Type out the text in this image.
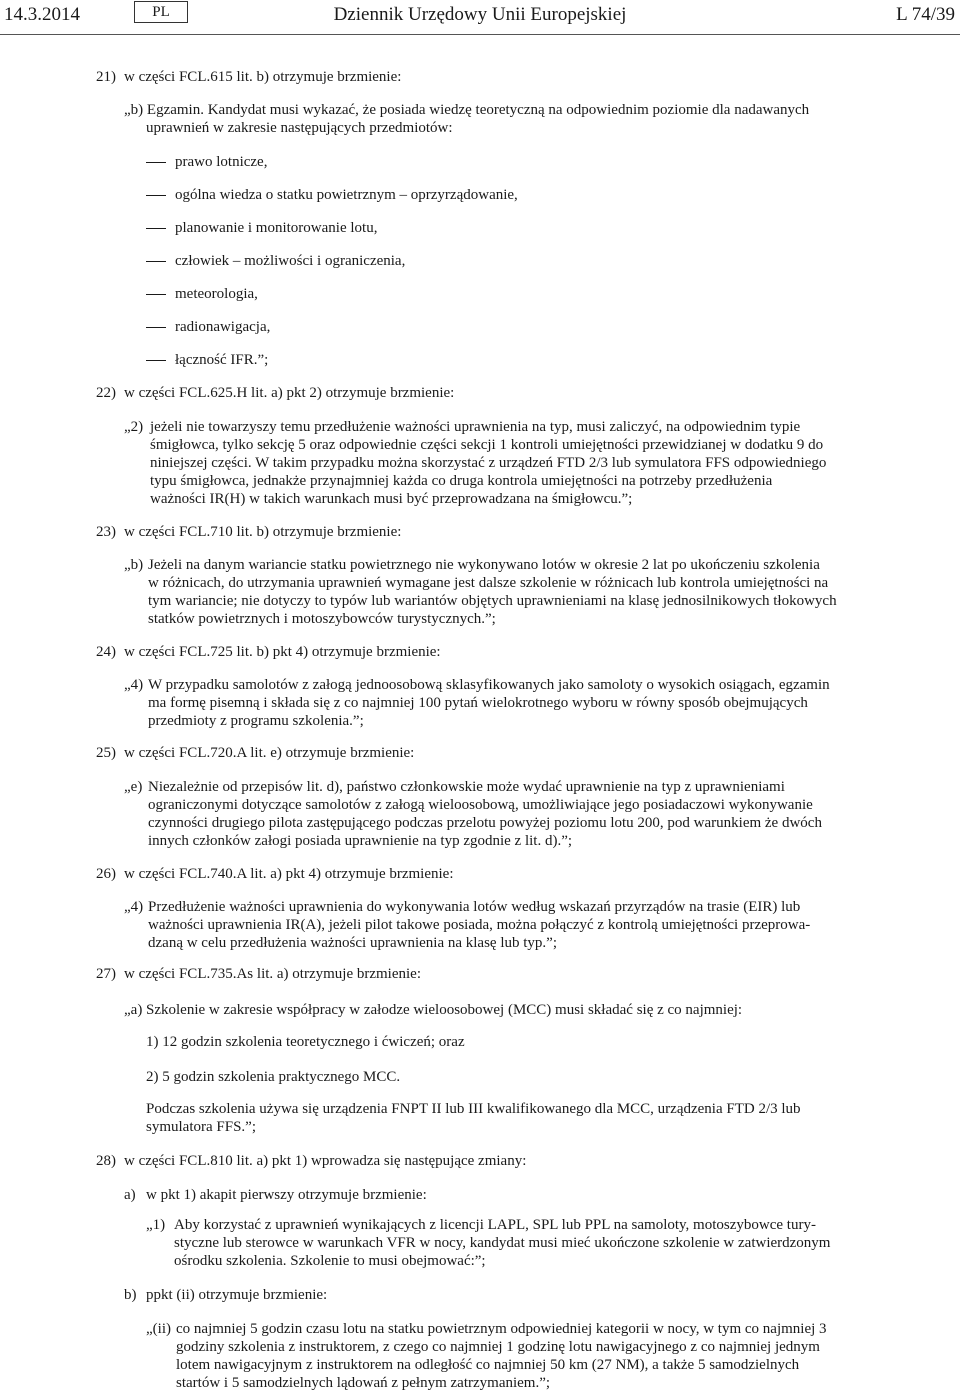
14.3.2014	PL	Dziennik Urzędowy Unii Europejskiej	L 74/39
21) w części FCL.615 lit. b) otrzymuje brzmienie:
„b) Egzamin. Kandydat musi wykazać, że posiada wiedzę teoretyczną na odpowiednim poziomie dla nadawanych
uprawnień w zakresie następujących przedmiotów:
prawo lotnicze,
ogólna wiedza o statku powietrznym – oprzyrządowanie,
planowanie i monitorowanie lotu,
człowiek – możliwości i ograniczenia,
meteorologia,
radionawigacja,
łączność IFR.”;
22) w części FCL.625.H lit. a) pkt 2) otrzymuje brzmienie:
„2) jeżeli nie towarzyszy temu przedłużenie ważności uprawnienia na typ, musi zaliczyć, na odpowiednim typie
śmigłowca, tylko sekcję 5 oraz odpowiednie części sekcji 1 kontroli umiejętności przewidzianej w dodatku 9 do
niniejszej części. W takim przypadku można skorzystać z urządzeń FTD 2/3 lub symulatora FFS odpowiedniego
typu śmigłowca, jednakże przynajmniej każda co druga kontrola umiejętności na potrzeby przedłużenia
ważności IR(H) w takich warunkach musi być przeprowadzana na śmigłowcu.”;
23) w części FCL.710 lit. b) otrzymuje brzmienie:
„b) Jeżeli na danym wariancie statku powietrznego nie wykonywano lotów w okresie 2 lat po ukończeniu szkolenia
w różnicach, do utrzymania uprawnień wymagane jest dalsze szkolenie w różnicach lub kontrola umiejętności na
tym wariancie; nie dotyczy to typów lub wariantów objętych uprawnieniami na klasę jednosilnikowych tłokowych
statków powietrznych i motoszybowców turystycznych.”;
24) w części FCL.725 lit. b) pkt 4) otrzymuje brzmienie:
„4) W przypadku samolotów z załogą jednoosobową sklasyfikowanych jako samoloty o wysokich osiągach, egzamin
ma formę pisemną i składa się z co najmniej 100 pytań wielokrotnego wyboru w równy sposób obejmujących
przedmioty z programu szkolenia.”;
25) w części FCL.720.A lit. e) otrzymuje brzmienie:
„e) Niezależnie od przepisów lit. d), państwo członkowskie może wydać uprawnienie na typ z uprawnieniami
ograniczonymi dotyczące samolotów z załogą wieloosobową, umożliwiające jego posiadaczowi wykonywanie
czynności drugiego pilota zastępującego podczas przelotu powyżej poziomu lotu 200, pod warunkiem że dwóch
innych członków załogi posiada uprawnienie na typ zgodnie z lit. d).”;
26) w części FCL.740.A lit. a) pkt 4) otrzymuje brzmienie:
„4) Przedłużenie ważności uprawnienia do wykonywania lotów według wskazań przyrządów na trasie (EIR) lub
ważności uprawnienia IR(A), jeżeli pilot takowe posiada, można połączyć z kontrolą umiejętności przeprowa-
dzaną w celu przedłużenia ważności uprawnienia na klasę lub typ.”;
27) w części FCL.735.As lit. a) otrzymuje brzmienie:
„a) Szkolenie w zakresie współpracy w załodze wieloosobowej (MCC) musi składać się z co najmniej:
1) 12 godzin szkolenia teoretycznego i ćwiczeń; oraz
2) 5 godzin szkolenia praktycznego MCC.
Podczas szkolenia używa się urządzenia FNPT II lub III kwalifikowanego dla MCC, urządzenia FTD 2/3 lub
symulatora FFS.”;
28) w części FCL.810 lit. a) pkt 1) wprowadza się następujące zmiany:
a) w pkt 1) akapit pierwszy otrzymuje brzmienie:
„1) Aby korzystać z uprawnień wynikających z licencji LAPL, SPL lub PPL na samoloty, motoszybowce tury-
styczne lub sterowce w warunkach VFR w nocy, kandydat musi mieć ukończone szkolenie w zatwierdzonym
ośrodku szkolenia. Szkolenie to musi obejmować:”;
b) ppkt (ii) otrzymuje brzmienie:
„(ii) co najmniej 5 godzin czasu lotu na statku powietrznym odpowiedniej kategorii w nocy, w tym co najmniej 3
godziny szkolenia z instruktorem, z czego co najmniej 1 godzinę lotu nawigacyjnego z co najmniej jednym
lotem nawigacyjnym z instruktorem na odległość co najmniej 50 km (27 NM), a także 5 samodzielnych
startów i 5 samodzielnych lądowań z pełnym zatrzymaniem.”;
